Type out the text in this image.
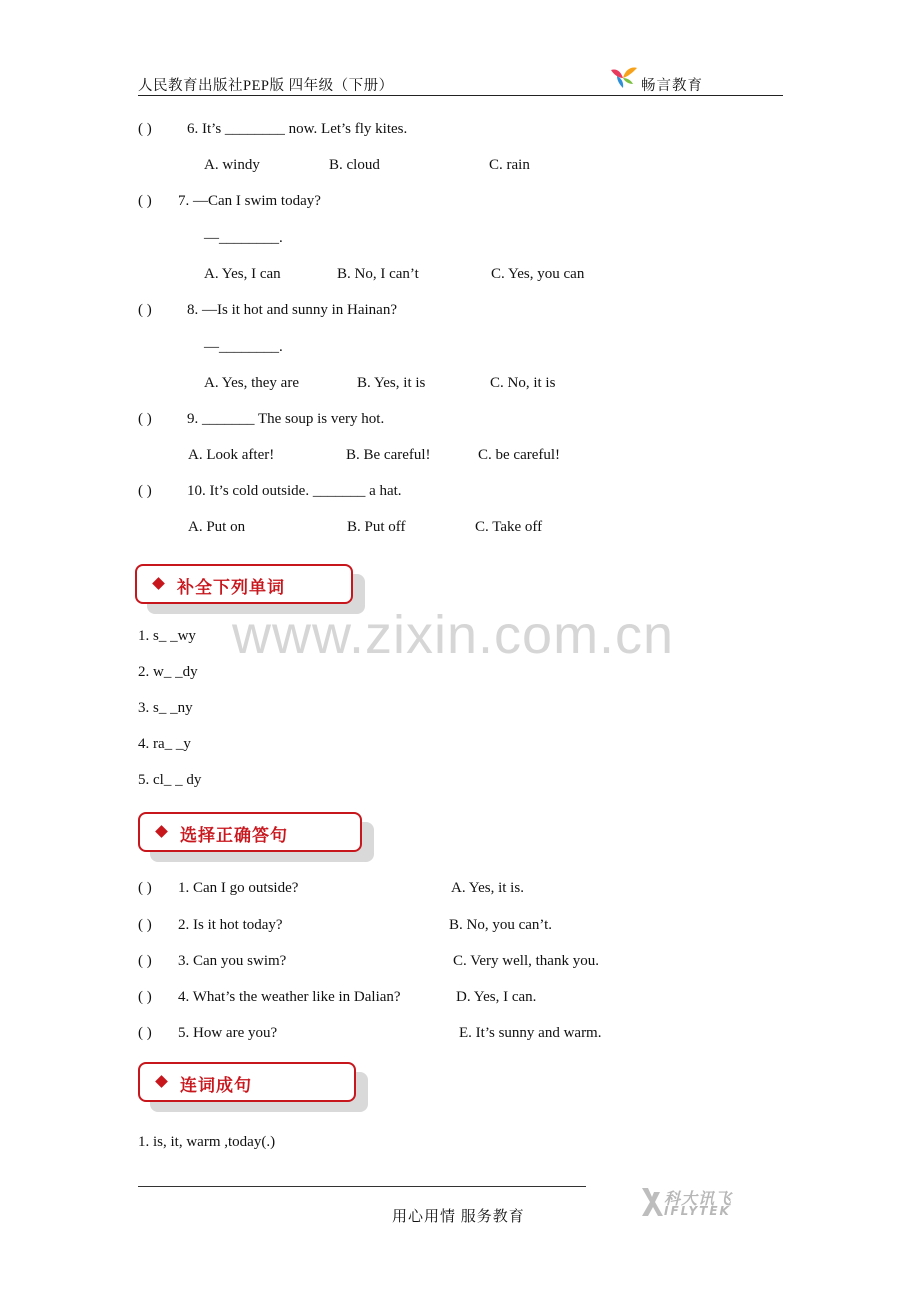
人民教育出版社PEP版 四年级（下册）	畅言教育
( ) 6. It’s ________ now. Let’s fly kites.
A. windy	B. cloud	C. rain
( ) 7. —Can I swim today?
—________.
A. Yes, I can	B. No, I can’t	C. Yes, you can
( ) 8. —Is it hot and sunny in Hainan?
—________.
A. Yes, they are	B. Yes, it is	C. No, it is
( ) 9. _______ The soup is very hot.
A. Look after!	B. Be careful!	C. be careful!
( ) 10. It’s cold outside. _______ a hat.
A. Put on	B. Put off	C. Take off
补全下列单词
www.zixin.com.cn
1. s_ _wy
2. w_ _dy
3. s_ _ny
4. ra_ _y
5. cl_ _ dy
选择正确答句
( ) 1. Can I go outside?	A. Yes, it is.
( ) 2. Is it hot today?	B. No, you can’t.
( ) 3. Can you swim?	C. Very well, thank you.
( ) 4. What’s the weather like in Dalian?	D. Yes, I can.
( ) 5. How are you?	E. It’s sunny and warm.
连词成句
1. is, it, warm ,today(.)
用心用情 服务教育
科大讯飞
IFLYTEK
